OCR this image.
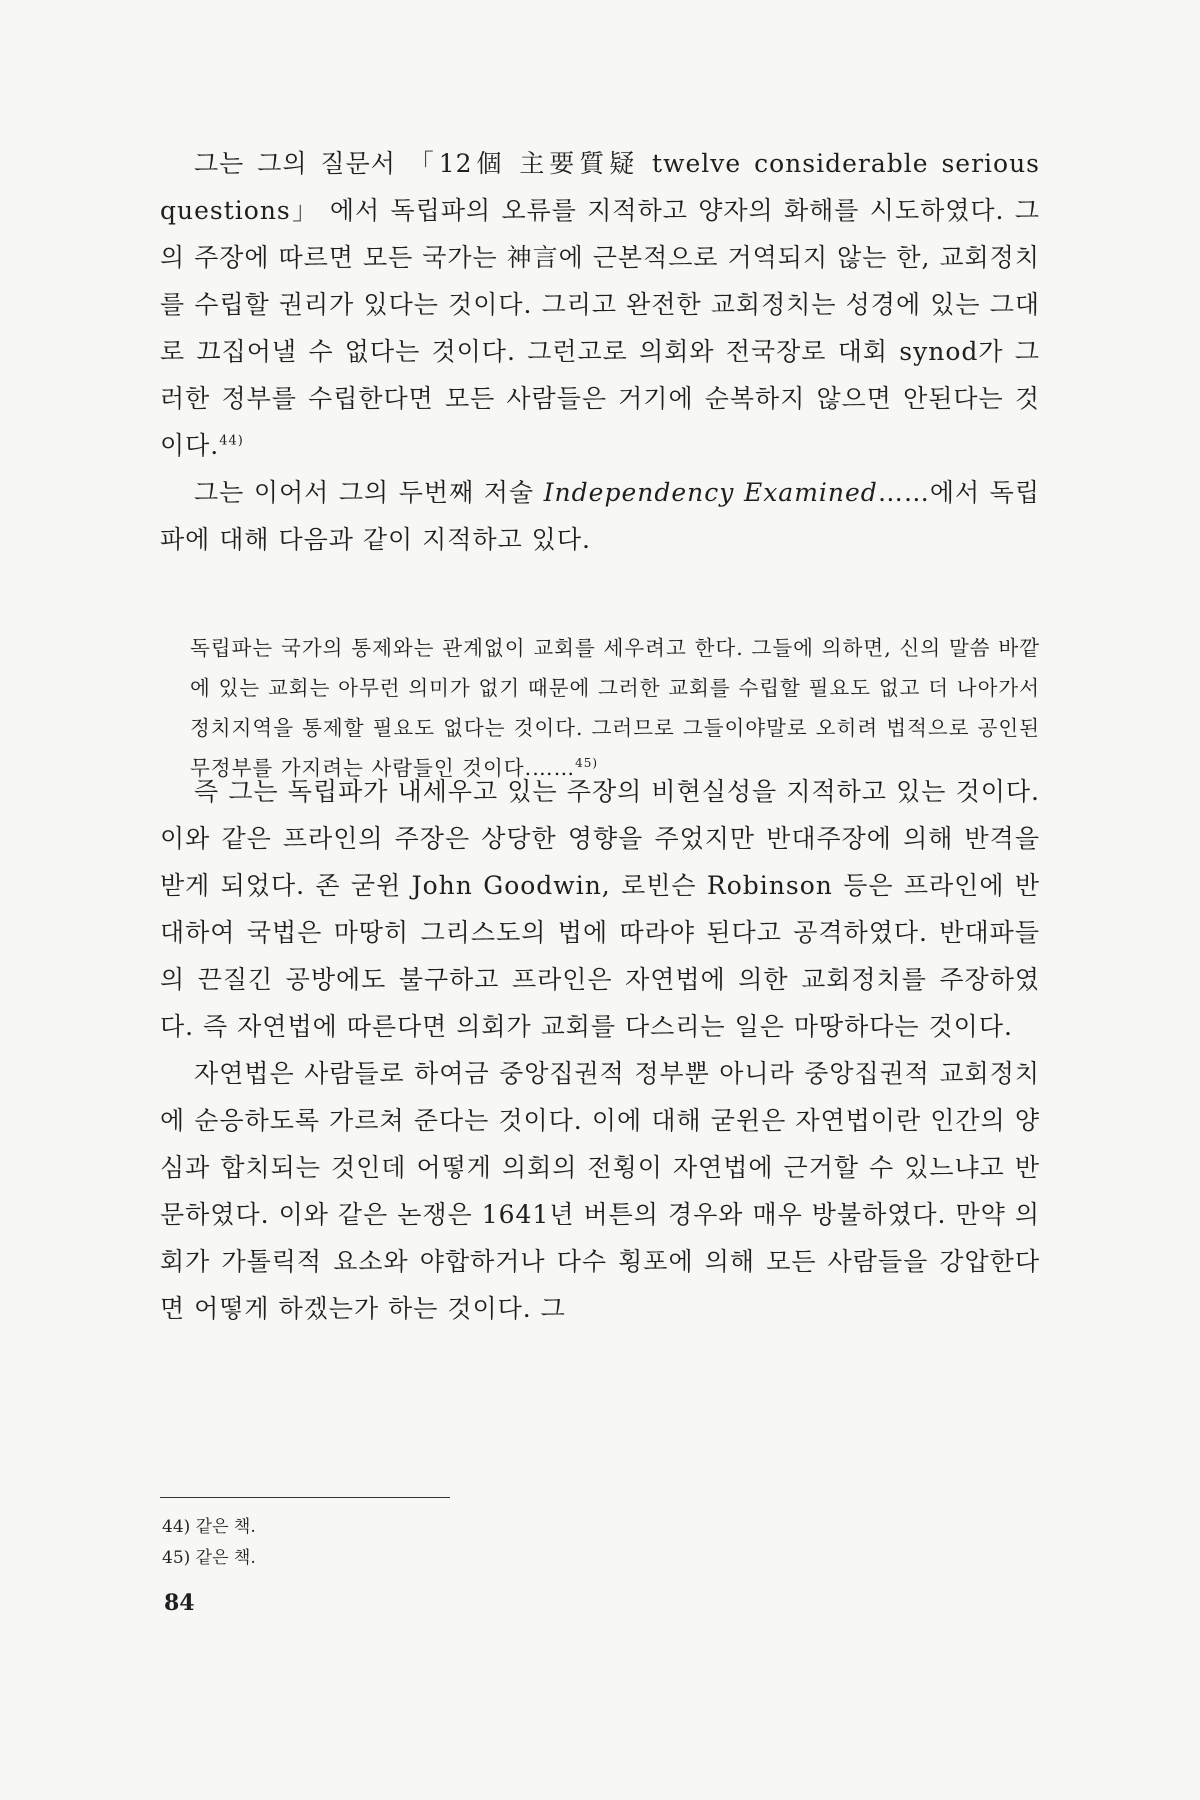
그는 그의 질문서 「12個 主要質疑 twelve considerable serious questions」 에서 독립파의 오류를 지적하고 양자의 화해를 시도하였다. 그의 주장에 따르면 모든 국가는 神言에 근본적으로 거역되지 않는 한, 교회정치를 수립할 권리가 있다는 것이다. 그리고 완전한 교회정치는 성경에 있는 그대로 끄집어낼 수 없다는 것이다. 그런고로 의회와 전국장로 대회 synod가 그러한 정부를 수립한다면 모든 사람들은 거기에 순복하지 않으면 안된다는 것이다.$^{44)}$

그는 이어서 그의 두번째 저술 Independency Examined……에서 독립파에 대해 다음과 같이 지적하고 있다.

독립파는 국가의 통제와는 관계없이 교회를 세우려고 한다. 그들에 의하면, 신의 말씀 바깥에 있는 교회는 아무런 의미가 없기 때문에 그러한 교회를 수립할 필요도 없고 더 나아가서 정치지역을 통제할 필요도 없다는 것이다. 그러므로 그들이야말로 오히려 법적으로 공인된 무정부를 가지려는 사람들인 것이다.……$^{45)}$

즉 그는 독립파가 내세우고 있는 주장의 비현실성을 지적하고 있는 것이다. 이와 같은 프라인의 주장은 상당한 영향을 주었지만 반대주장에 의해 반격을 받게 되었다. 존 굳윈 John Goodwin, 로빈슨 Robinson 등은 프라인에 반대하여 국법은 마땅히 그리스도의 법에 따라야 된다고 공격하였다. 반대파들의 끈질긴 공방에도 불구하고 프라인은 자연법에 의한 교회정치를 주장하였다. 즉 자연법에 따른다면 의회가 교회를 다스리는 일은 마땅하다는 것이다.

자연법은 사람들로 하여금 중앙집권적 정부뿐 아니라 중앙집권적 교회정치에 순응하도록 가르쳐 준다는 것이다. 이에 대해 굳윈은 자연법이란 인간의 양심과 합치되는 것인데 어떻게 의회의 전횡이 자연법에 근거할 수 있느냐고 반문하였다. 이와 같은 논쟁은 1641년 버튼의 경우와 매우 방불하였다. 만약 의회가 가톨릭적 요소와 야합하거나 다수 횡포에 의해 모든 사람들을 강압한다면 어떻게 하겠는가 하는 것이다. 그

44) 같은 책.
45) 같은 책.
84
